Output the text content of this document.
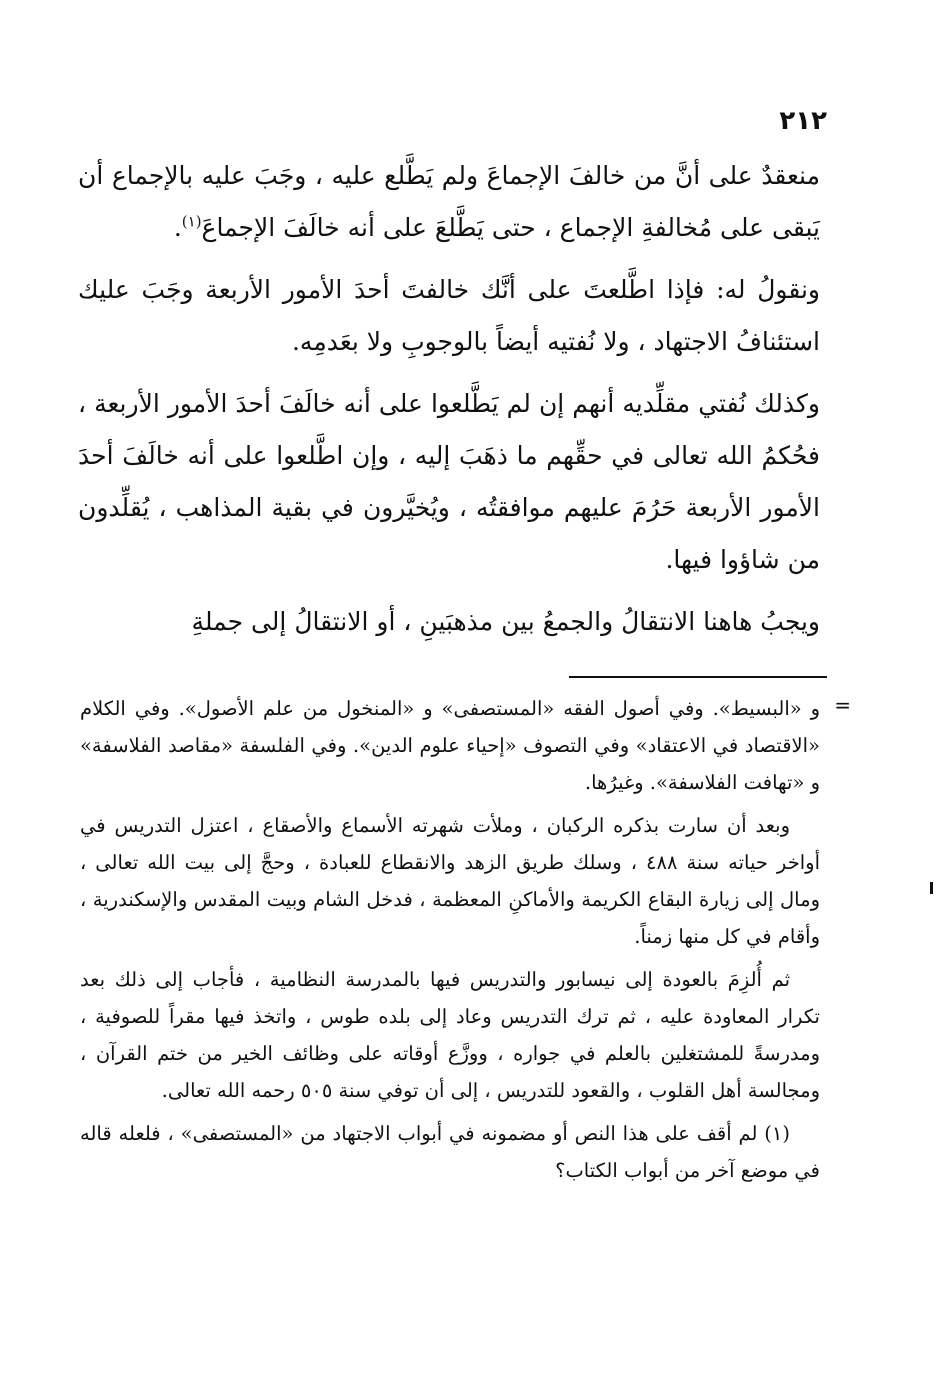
٢١٢

منعقدٌ على أنَّ من خالفَ الإجماعَ ولم يَطَّلع عليه ، وجَبَ عليه بالإجماع أن يَبقى على مُخالفةِ الإجماع ، حتى يَطَّلعَ على أنه خالَفَ الإجماعَ$^{(١)}$.

ونقولُ له: فإذا اطَّلعتَ على أنَّك خالفتَ أحدَ الأمور الأربعة وجَبَ عليك استئنافُ الاجتهاد ، ولا نُفتيه أيضاً بالوجوبِ ولا بعَدمِه.

وكذلك نُفتي مقلِّديه أنهم إن لم يَطَّلعوا على أنه خالَفَ أحدَ الأمور الأربعة ، فحُكمُ الله تعالى في حقِّهم ما ذهَبَ إليه ، وإن اطَّلعوا على أنه خالَفَ أحدَ الأمور الأربعة حَرُمَ عليهم موافقتُه ، ويُخيَّرون في بقية المذاهب ، يُقلِّدون من شاؤوا فيها.

ويجبُ هاهنا الانتقالُ والجمعُ بين مذهبَينِ ، أو الانتقالُ إلى جملةِ

=

و «البسيط». وفي أصول الفقه «المستصفى» و «المنخول من علم الأصول». وفي الكلام «الاقتصاد في الاعتقاد» وفي التصوف «إحياء علوم الدين». وفي الفلسفة «مقاصد الفلاسفة» و «تهافت الفلاسفة». وغيرُها.

وبعد أن سارت بذكره الركبان ، وملأت شهرته الأسماع والأصقاع ، اعتزل التدريس في أواخر حياته سنة ٤٨٨ ، وسلك طريق الزهد والانقطاع للعبادة ، وحجَّ إلى بيت الله تعالى ، ومال إلى زيارة البقاع الكريمة والأماكنِ المعظمة ، فدخل الشام وبيت المقدس والإسكندرية ، وأقام في كل منها زمناً.

ثم أُلزِمَ بالعودة إلى نيسابور والتدريس فيها بالمدرسة النظامية ، فأجاب إلى ذلك بعد تكرار المعاودة عليه ، ثم ترك التدريس وعاد إلى بلده طوس ، واتخذ فيها مقراً للصوفية ، ومدرسةً للمشتغلين بالعلم في جواره ، ووزَّع أوقاته على وظائف الخير من ختم القرآن ، ومجالسة أهل القلوب ، والقعود للتدريس ، إلى أن توفي سنة ٥٠٥ رحمه الله تعالى.

(١) لم أقف على هذا النص أو مضمونه في أبواب الاجتهاد من «المستصفى» ، فلعله قاله في موضع آخر من أبواب الكتاب؟
